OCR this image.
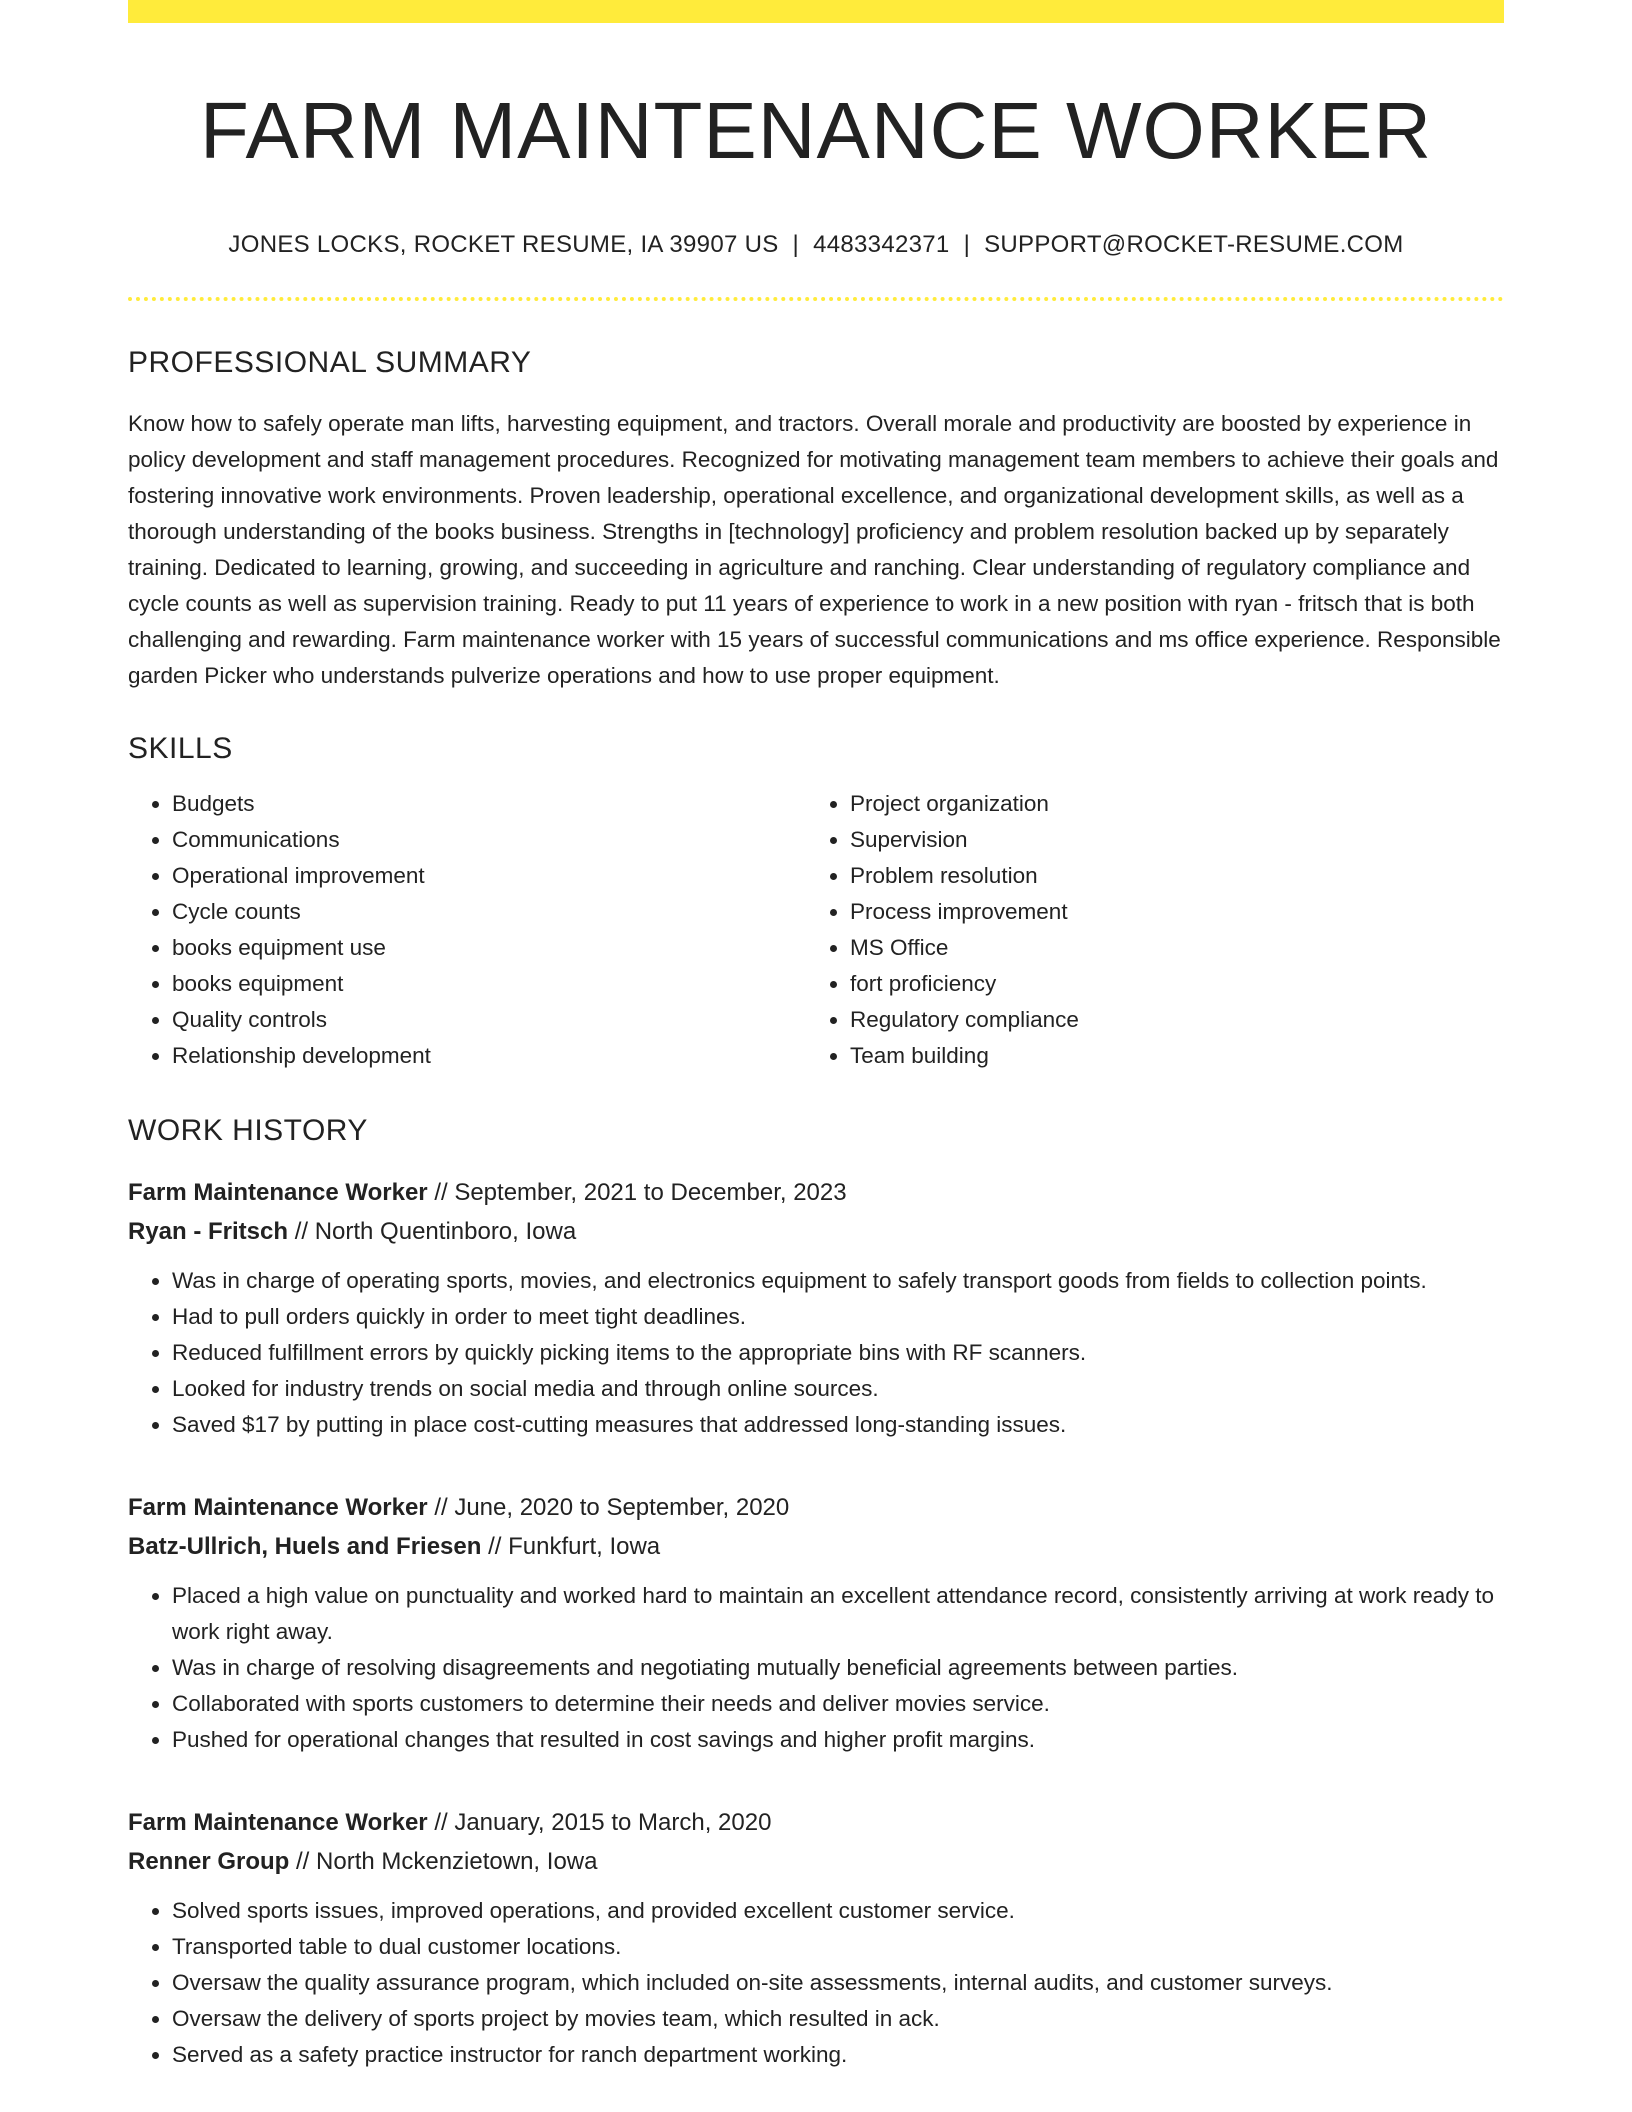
FARM MAINTENANCE WORKER
JONES LOCKS, ROCKET RESUME, IA 39907 US | 4483342371 | SUPPORT@ROCKET-RESUME.COM
PROFESSIONAL SUMMARY

Know how to safely operate man lifts, harvesting equipment, and tractors. Overall morale and productivity are boosted by experience in policy development and staff management procedures. Recognized for motivating management team members to achieve their goals and fostering innovative work environments. Proven leadership, operational excellence, and organizational development skills, as well as a thorough understanding of the books business. Strengths in [technology] proficiency and problem resolution backed up by separately training. Dedicated to learning, growing, and succeeding in agriculture and ranching. Clear understanding of regulatory compliance and cycle counts as well as supervision training. Ready to put 11 years of experience to work in a new position with ryan - fritsch that is both challenging and rewarding. Farm maintenance worker with 15 years of successful communications and ms office experience. Responsible garden Picker who understands pulverize operations and how to use proper equipment.

SKILLS
• Budgets
• Communications
• Operational improvement
• Cycle counts
• books equipment use
• books equipment
• Quality controls
• Relationship development
• Project organization
• Supervision
• Problem resolution
• Process improvement
• MS Office
• fort proficiency
• Regulatory compliance
• Team building
WORK HISTORY
Farm Maintenance Worker // September, 2021 to December, 2023
Ryan - Fritsch // North Quentinboro, Iowa
• Was in charge of operating sports, movies, and electronics equipment to safely transport goods from fields to collection points.
• Had to pull orders quickly in order to meet tight deadlines.
• Reduced fulfillment errors by quickly picking items to the appropriate bins with RF scanners.
• Looked for industry trends on social media and through online sources.
• Saved $17 by putting in place cost-cutting measures that addressed long-standing issues.
Farm Maintenance Worker // June, 2020 to September, 2020
Batz-Ullrich, Huels and Friesen // Funkfurt, Iowa
• Placed a high value on punctuality and worked hard to maintain an excellent attendance record, consistently arriving at work ready to work right away.
• Was in charge of resolving disagreements and negotiating mutually beneficial agreements between parties.
• Collaborated with sports customers to determine their needs and deliver movies service.
• Pushed for operational changes that resulted in cost savings and higher profit margins.
Farm Maintenance Worker // January, 2015 to March, 2020
Renner Group // North Mckenzietown, Iowa
• Solved sports issues, improved operations, and provided excellent customer service.
• Transported table to dual customer locations.
• Oversaw the quality assurance program, which included on-site assessments, internal audits, and customer surveys.
• Oversaw the delivery of sports project by movies team, which resulted in ack.
• Served as a safety practice instructor for ranch department working.
